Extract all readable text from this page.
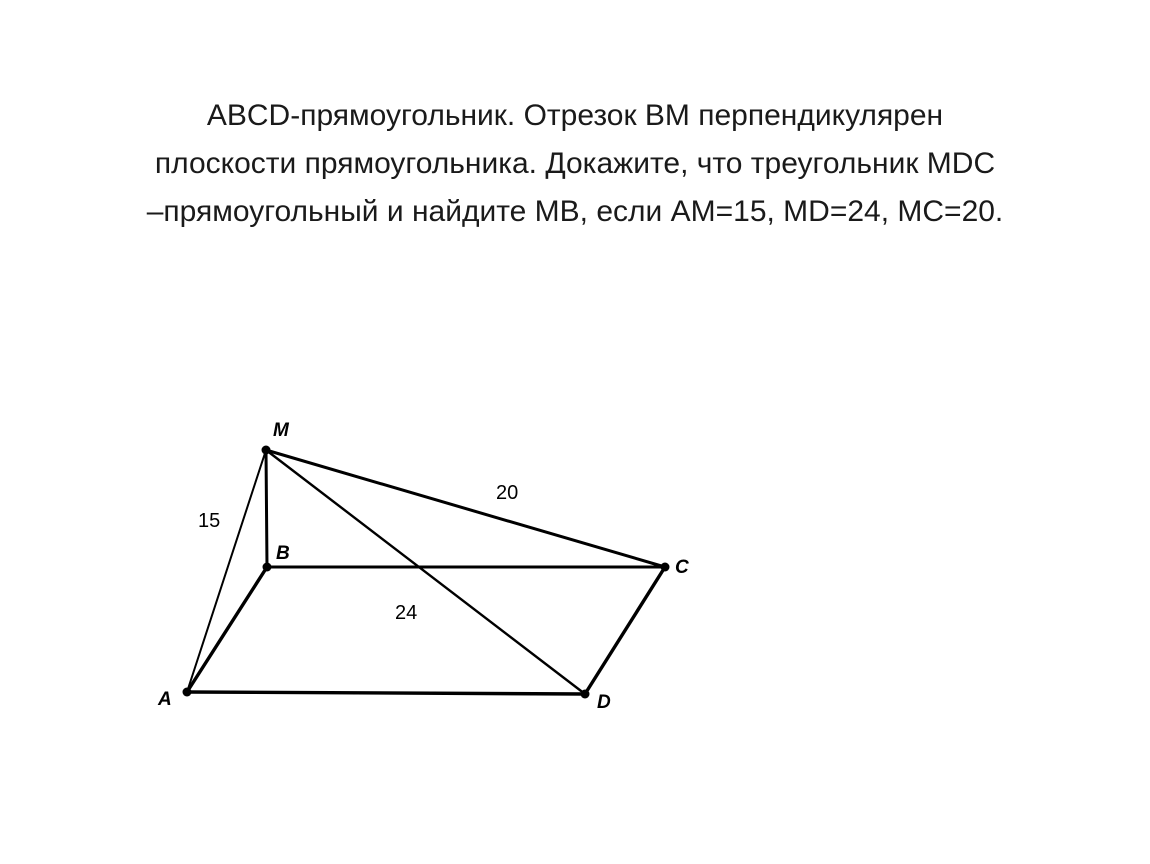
ABCD-прямоугольник. Отрезок BM перпендикулярен
плоскости прямоугольника. Докажите, что треугольник MDC
–прямоугольный и найдите MB, если AM=15, MD=24, MC=20.
M
B
C
A	D
15
20
24
